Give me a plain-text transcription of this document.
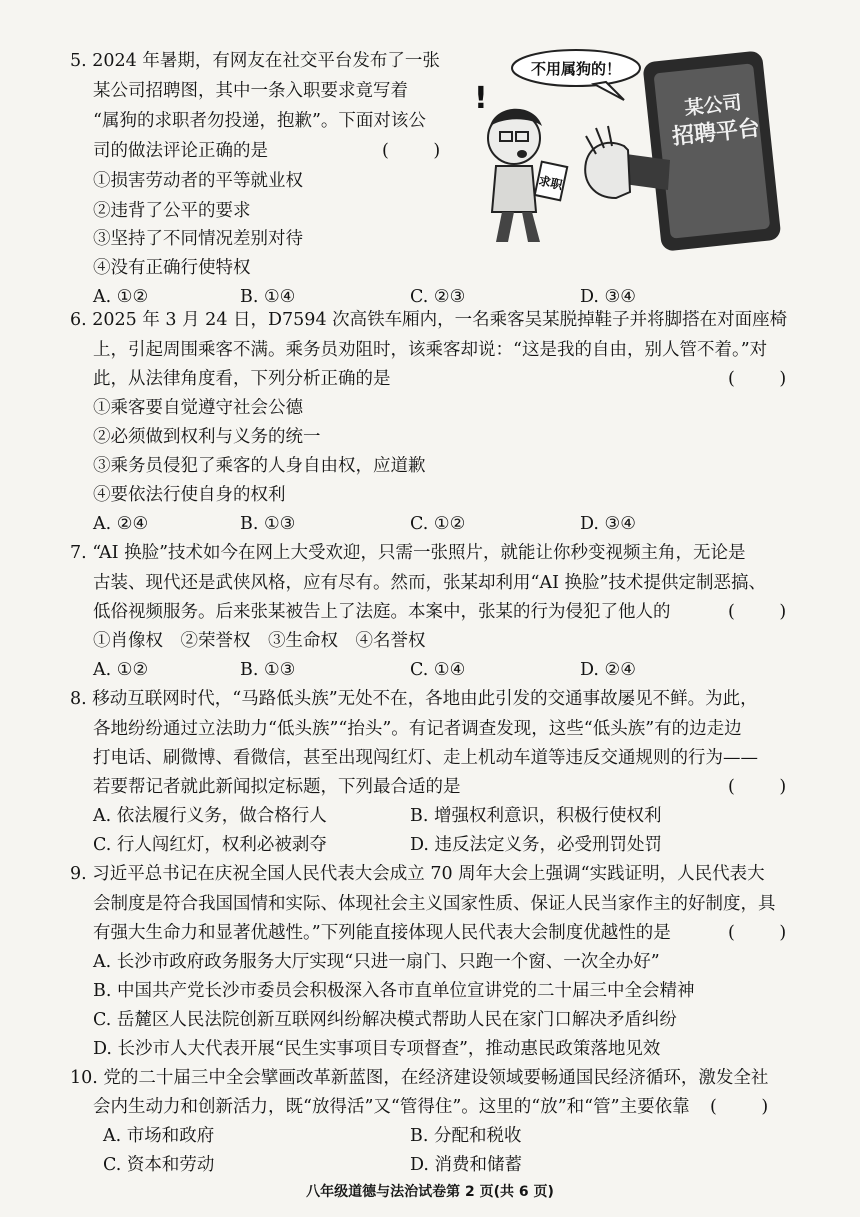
5. 2024 年暑期，有网友在社交平台发布了一张
某公司招聘图，其中一条入职要求竟写着
“属狗的求职者勿投递，抱歉”。下面对该公
司的做法评论正确的是	(        )
①损害劳动者的平等就业权
②违背了公平的要求
③坚持了不同情况差别对待
④没有正确行使特权
A. ①②	B. ①④	C. ②③	D. ③④
某公司
招聘平台
不用属狗的！
!
求职
6. 2025 年 3 月 24 日，D7594 次高铁车厢内，一名乘客吴某脱掉鞋子并将脚搭在对面座椅
上，引起周围乘客不满。乘务员劝阻时，该乘客却说：“这是我的自由，别人管不着。”对
此，从法律角度看，下列分析正确的是	(        )
①乘客要自觉遵守社会公德
②必须做到权利与义务的统一
③乘务员侵犯了乘客的人身自由权，应道歉
④要依法行使自身的权利
A. ②④	B. ①③	C. ①②	D. ③④
7. “AI 换脸”技术如今在网上大受欢迎，只需一张照片，就能让你秒变视频主角，无论是
古装、现代还是武侠风格，应有尽有。然而，张某却利用“AI 换脸”技术提供定制恶搞、
低俗视频服务。后来张某被告上了法庭。本案中，张某的行为侵犯了他人的	(        )
①肖像权　②荣誉权　③生命权　④名誉权
A. ①②	B. ①③	C. ①④	D. ②④
8. 移动互联网时代，“马路低头族”无处不在，各地由此引发的交通事故屡见不鲜。为此，
各地纷纷通过立法助力“低头族”“抬头”。有记者调查发现，这些“低头族”有的边走边
打电话、刷微博、看微信，甚至出现闯红灯、走上机动车道等违反交通规则的行为——
若要帮记者就此新闻拟定标题，下列最合适的是	(        )
A. 依法履行义务，做合格行人	B. 增强权利意识，积极行使权利
C. 行人闯红灯，权利必被剥夺	D. 违反法定义务，必受刑罚处罚
9. 习近平总书记在庆祝全国人民代表大会成立 70 周年大会上强调“实践证明，人民代表大
会制度是符合我国国情和实际、体现社会主义国家性质、保证人民当家作主的好制度，具
有强大生命力和显著优越性。”下列能直接体现人民代表大会制度优越性的是	(        )
A. 长沙市政府政务服务大厅实现“只进一扇门、只跑一个窗、一次全办好”
B. 中国共产党长沙市委员会积极深入各市直单位宣讲党的二十届三中全会精神
C. 岳麓区人民法院创新互联网纠纷解决模式帮助人民在家门口解决矛盾纠纷
D. 长沙市人大代表开展“民生实事项目专项督查”，推动惠民政策落地见效
10. 党的二十届三中全会擘画改革新蓝图，在经济建设领域要畅通国民经济循环，激发全社
会内生动力和创新活力，既“放得活”又“管得住”。这里的“放”和“管”主要依靠 (        )
A. 市场和政府	B. 分配和税收
C. 资本和劳动	D. 消费和储蓄
八年级道德与法治试卷第 2 页(共 6 页)
